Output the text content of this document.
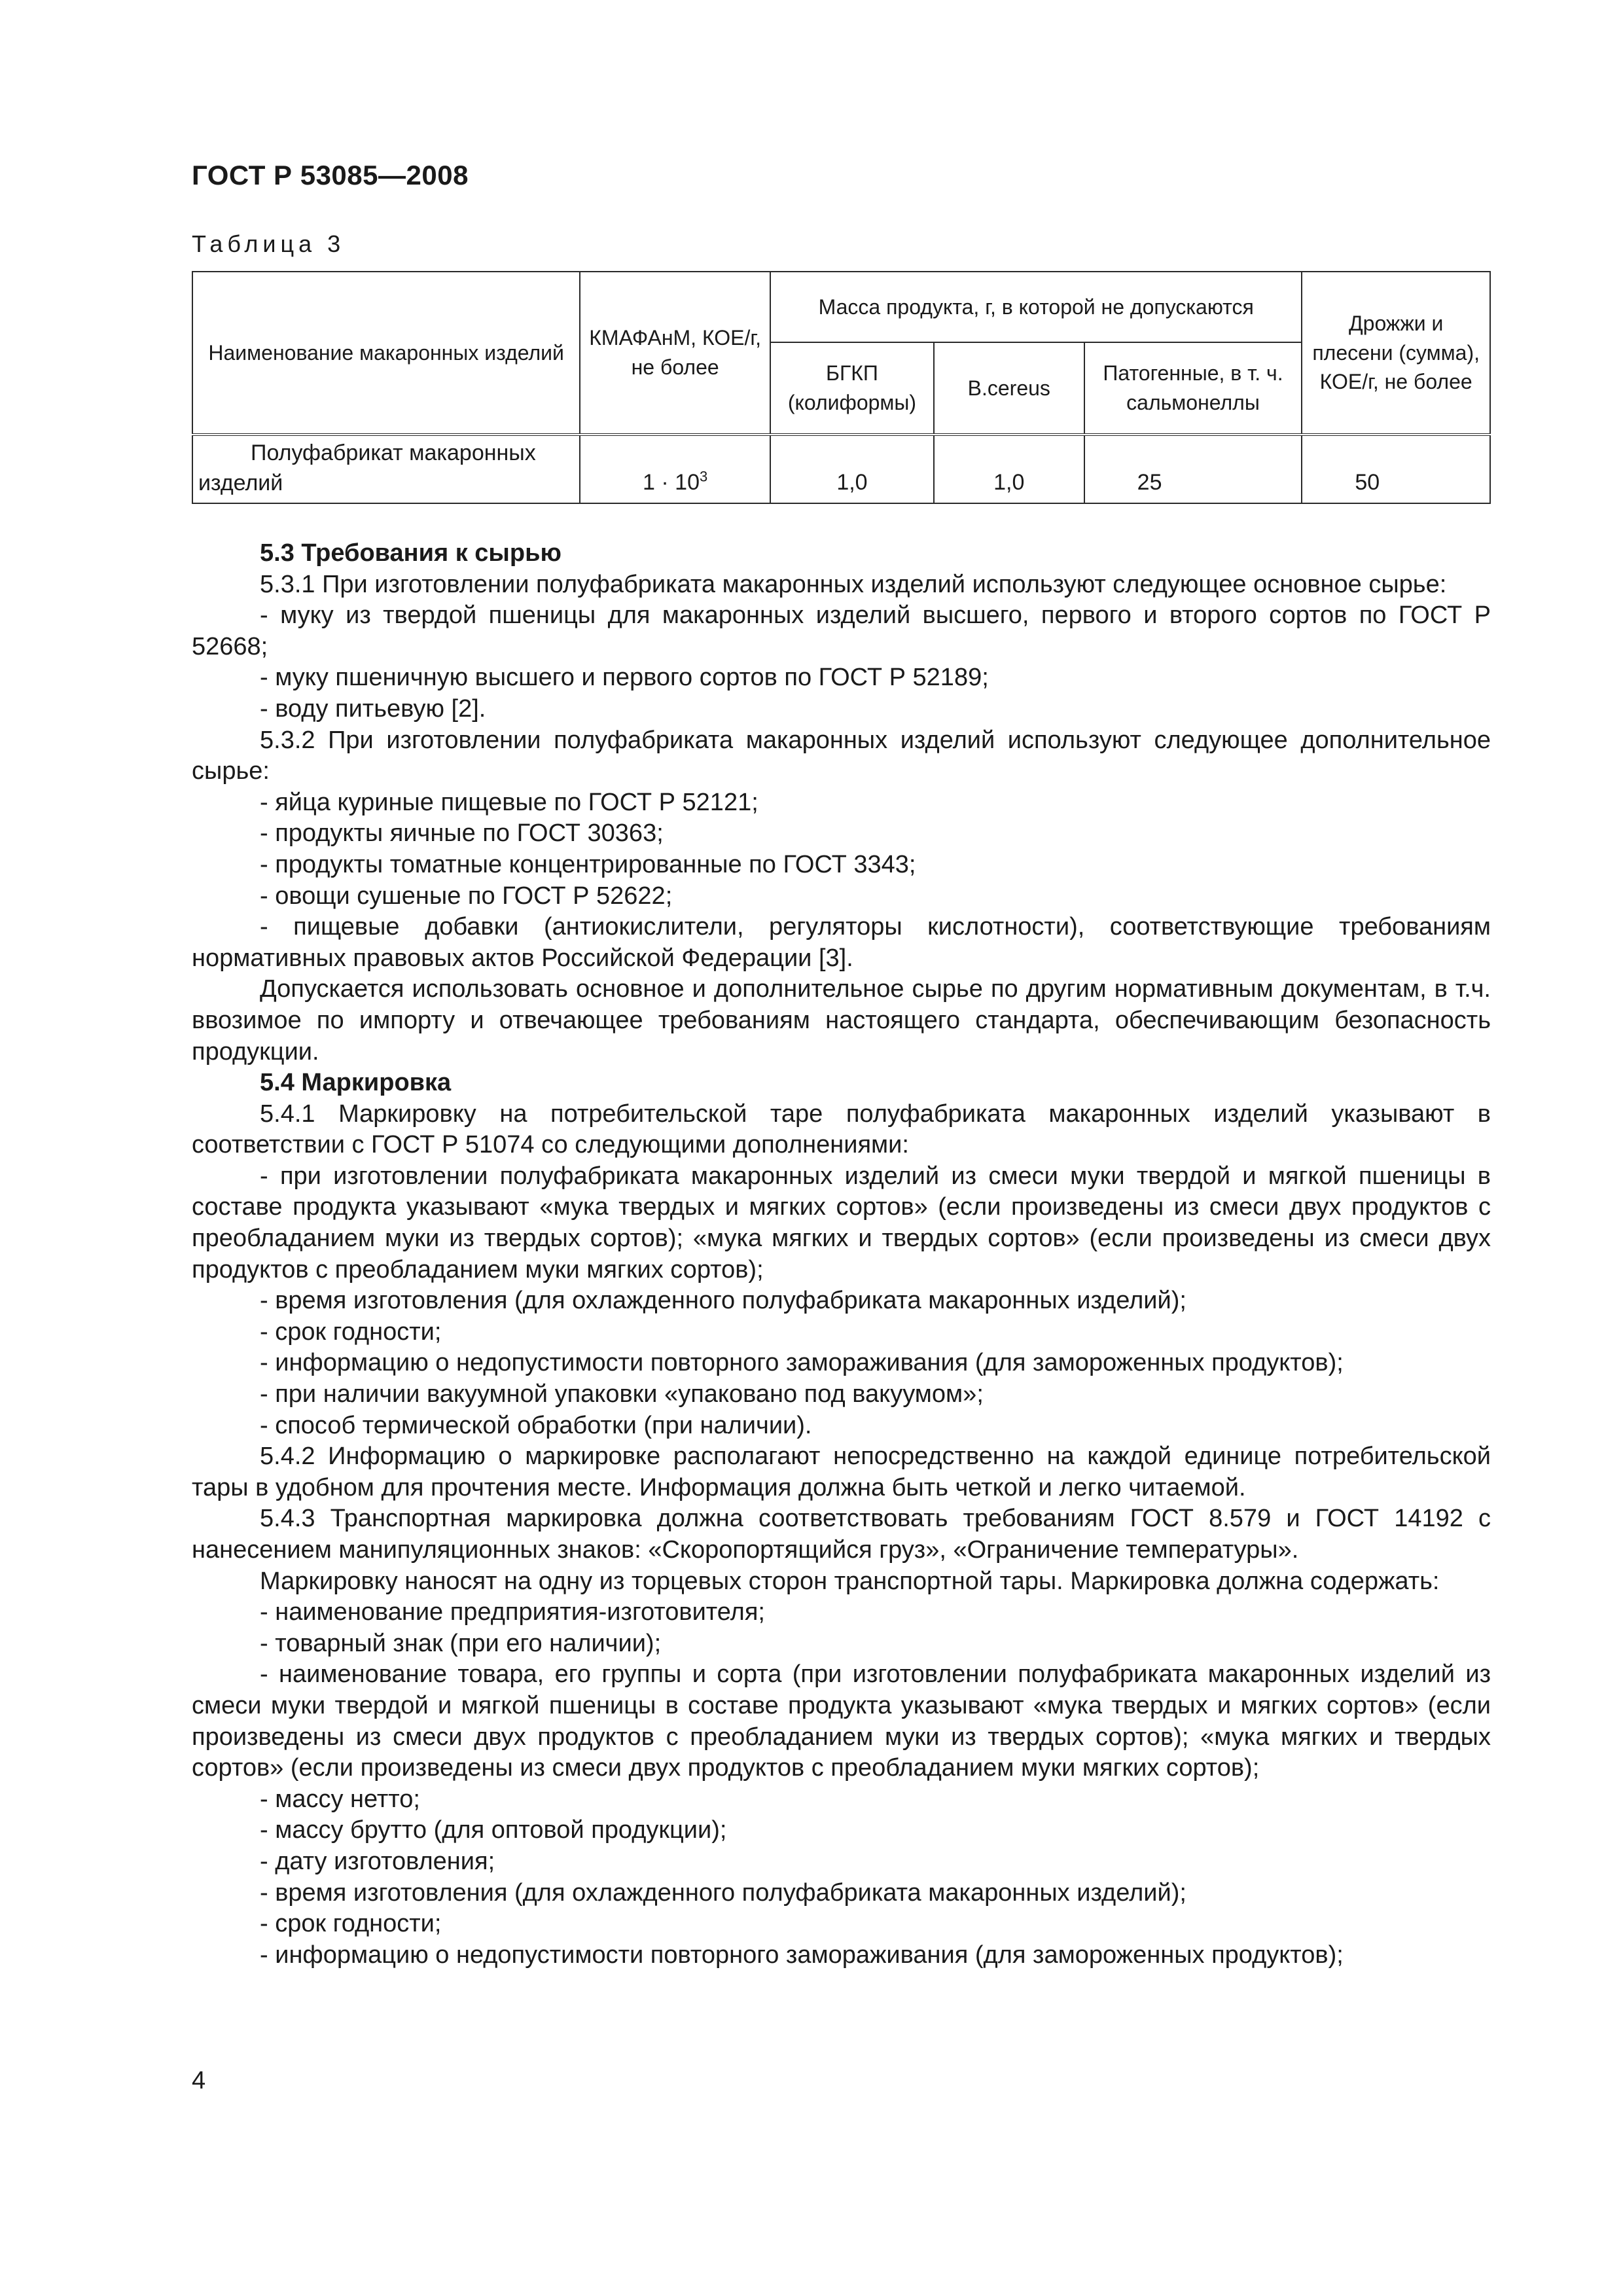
ГОСТ Р 53085—2008
Таблица 3
Наименование макаронных изделий	КМАФАнМ, КОЕ/г, не более	Масса продукта, г, в которой не допускаются			Дрожжи и плесени (сумма), КОЕ/г, не более
		БГКП (колиформы)	B.cereus	Патогенные, в т. ч. сальмонеллы	

Полуфабрикат макаронных
изделий	$1 \cdot 10^3$	1,0	1,0	25	50

5.3 Требования к сырью

5.3.1 При изготовлении полуфабриката макаронных изделий используют следующее основное сырье:

- муку из твердой пшеницы для макаронных изделий высшего, первого и второго сортов по ГОСТ Р 52668;

- муку пшеничную высшего и первого сортов по ГОСТ Р 52189;

- воду питьевую [2].

5.3.2 При изготовлении полуфабриката макаронных изделий используют следующее дополнительное сырье:

- яйца куриные пищевые по ГОСТ Р 52121;

- продукты яичные по ГОСТ 30363;

- продукты томатные концентрированные по ГОСТ 3343;

- овощи сушеные по ГОСТ Р 52622;

- пищевые добавки (антиокислители, регуляторы кислотности), соответствующие требованиям нормативных правовых актов Российской Федерации [3].

Допускается использовать основное и дополнительное сырье по другим нормативным документам, в т.ч. ввозимое по импорту и отвечающее требованиям настоящего стандарта, обеспечивающим безопасность продукции.

5.4 Маркировка

5.4.1 Маркировку на потребительской таре полуфабриката макаронных изделий указывают в соответствии с ГОСТ Р 51074 со следующими дополнениями:

- при изготовлении полуфабриката макаронных изделий из смеси муки твердой и мягкой пшеницы в составе продукта указывают «мука твердых и мягких сортов» (если произведены из смеси двух продуктов с преобладанием муки из твердых сортов); «мука мягких и твердых сортов» (если произведены из смеси двух продуктов с преобладанием муки мягких сортов);

- время изготовления (для охлажденного полуфабриката макаронных изделий);

- срок годности;

- информацию о недопустимости повторного замораживания (для замороженных продуктов);

- при наличии вакуумной упаковки «упаковано под вакуумом»;

- способ термической обработки (при наличии).

5.4.2 Информацию о маркировке располагают непосредственно на каждой единице потребительской тары в удобном для прочтения месте. Информация должна быть четкой и легко читаемой.

5.4.3 Транспортная маркировка должна соответствовать требованиям ГОСТ 8.579 и ГОСТ 14192 с нанесением манипуляционных знаков: «Скоропортящийся груз», «Ограничение температуры».

Маркировку наносят на одну из торцевых сторон транспортной тары. Маркировка должна содержать:

- наименование предприятия-изготовителя;

- товарный знак (при его наличии);

- наименование товара, его группы и сорта (при изготовлении полуфабриката макаронных изделий из смеси муки твердой и мягкой пшеницы в составе продукта указывают «мука твердых и мягких сортов» (если произведены из смеси двух продуктов с преобладанием муки из твердых сортов); «мука мягких и твердых сортов» (если произведены из смеси двух продуктов с преобладанием муки мягких сортов);

- массу нетто;

- массу брутто (для оптовой продукции);

- дату изготовления;

- время изготовления (для охлажденного полуфабриката макаронных изделий);

- срок годности;

- информацию о недопустимости повторного замораживания (для замороженных продуктов);

4
